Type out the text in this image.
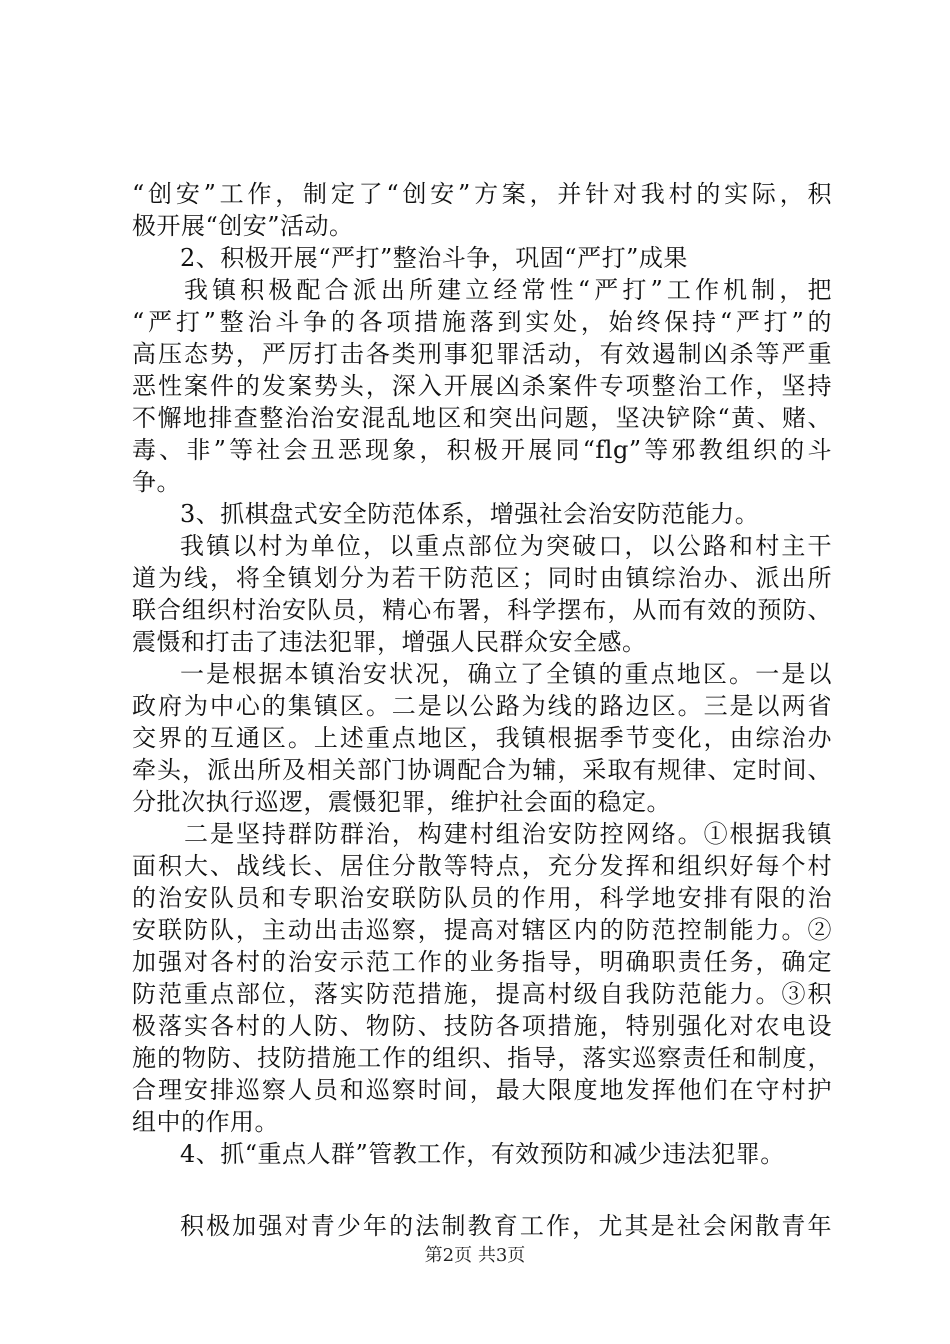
“创安”工作，制定了“创安”方案，并针对我村的实际，积
极开展“创安”活动。
2、积极开展“严打”整治斗争，巩固“严打”成果
我镇积极配合派出所建立经常性“严打”工作机制，把
“严打”整治斗争的各项措施落到实处，始终保持“严打”的
高压态势，严厉打击各类刑事犯罪活动，有效遏制凶杀等严重
恶性案件的发案势头，深入开展凶杀案件专项整治工作，坚持
不懈地排查整治治安混乱地区和突出问题，坚决铲除“黄、赌、
毒、非”等社会丑恶现象，积极开展同“flg”等邪教组织的斗
争。
3、抓棋盘式安全防范体系，增强社会治安防范能力。
我镇以村为单位，以重点部位为突破口，以公路和村主干
道为线，将全镇划分为若干防范区；同时由镇综治办、派出所
联合组织村治安队员，精心布署，科学摆布，从而有效的预防、
震慑和打击了违法犯罪，增强人民群众安全感。
一是根据本镇治安状况，确立了全镇的重点地区。一是以
政府为中心的集镇区。二是以公路为线的路边区。三是以两省
交界的互通区。上述重点地区，我镇根据季节变化，由综治办
牵头，派出所及相关部门协调配合为辅，采取有规律、定时间、
分批次执行巡逻，震慑犯罪，维护社会面的稳定。
二是坚持群防群治，构建村组治安防控网络。①根据我镇
面积大、战线长、居住分散等特点，充分发挥和组织好每个村
的治安队员和专职治安联防队员的作用，科学地安排有限的治
安联防队，主动出击巡察，提高对辖区内的防范控制能力。②
加强对各村的治安示范工作的业务指导，明确职责任务，确定
防范重点部位，落实防范措施，提高村级自我防范能力。③积
极落实各村的人防、物防、技防各项措施，特别强化对农电设
施的物防、技防措施工作的组织、指导，落实巡察责任和制度，
合理安排巡察人员和巡察时间，最大限度地发挥他们在守村护
组中的作用。
4、抓“重点人群”管教工作，有效预防和减少违法犯罪。
积极加强对青少年的法制教育工作，尤其是社会闲散青年
第2页 共3页
